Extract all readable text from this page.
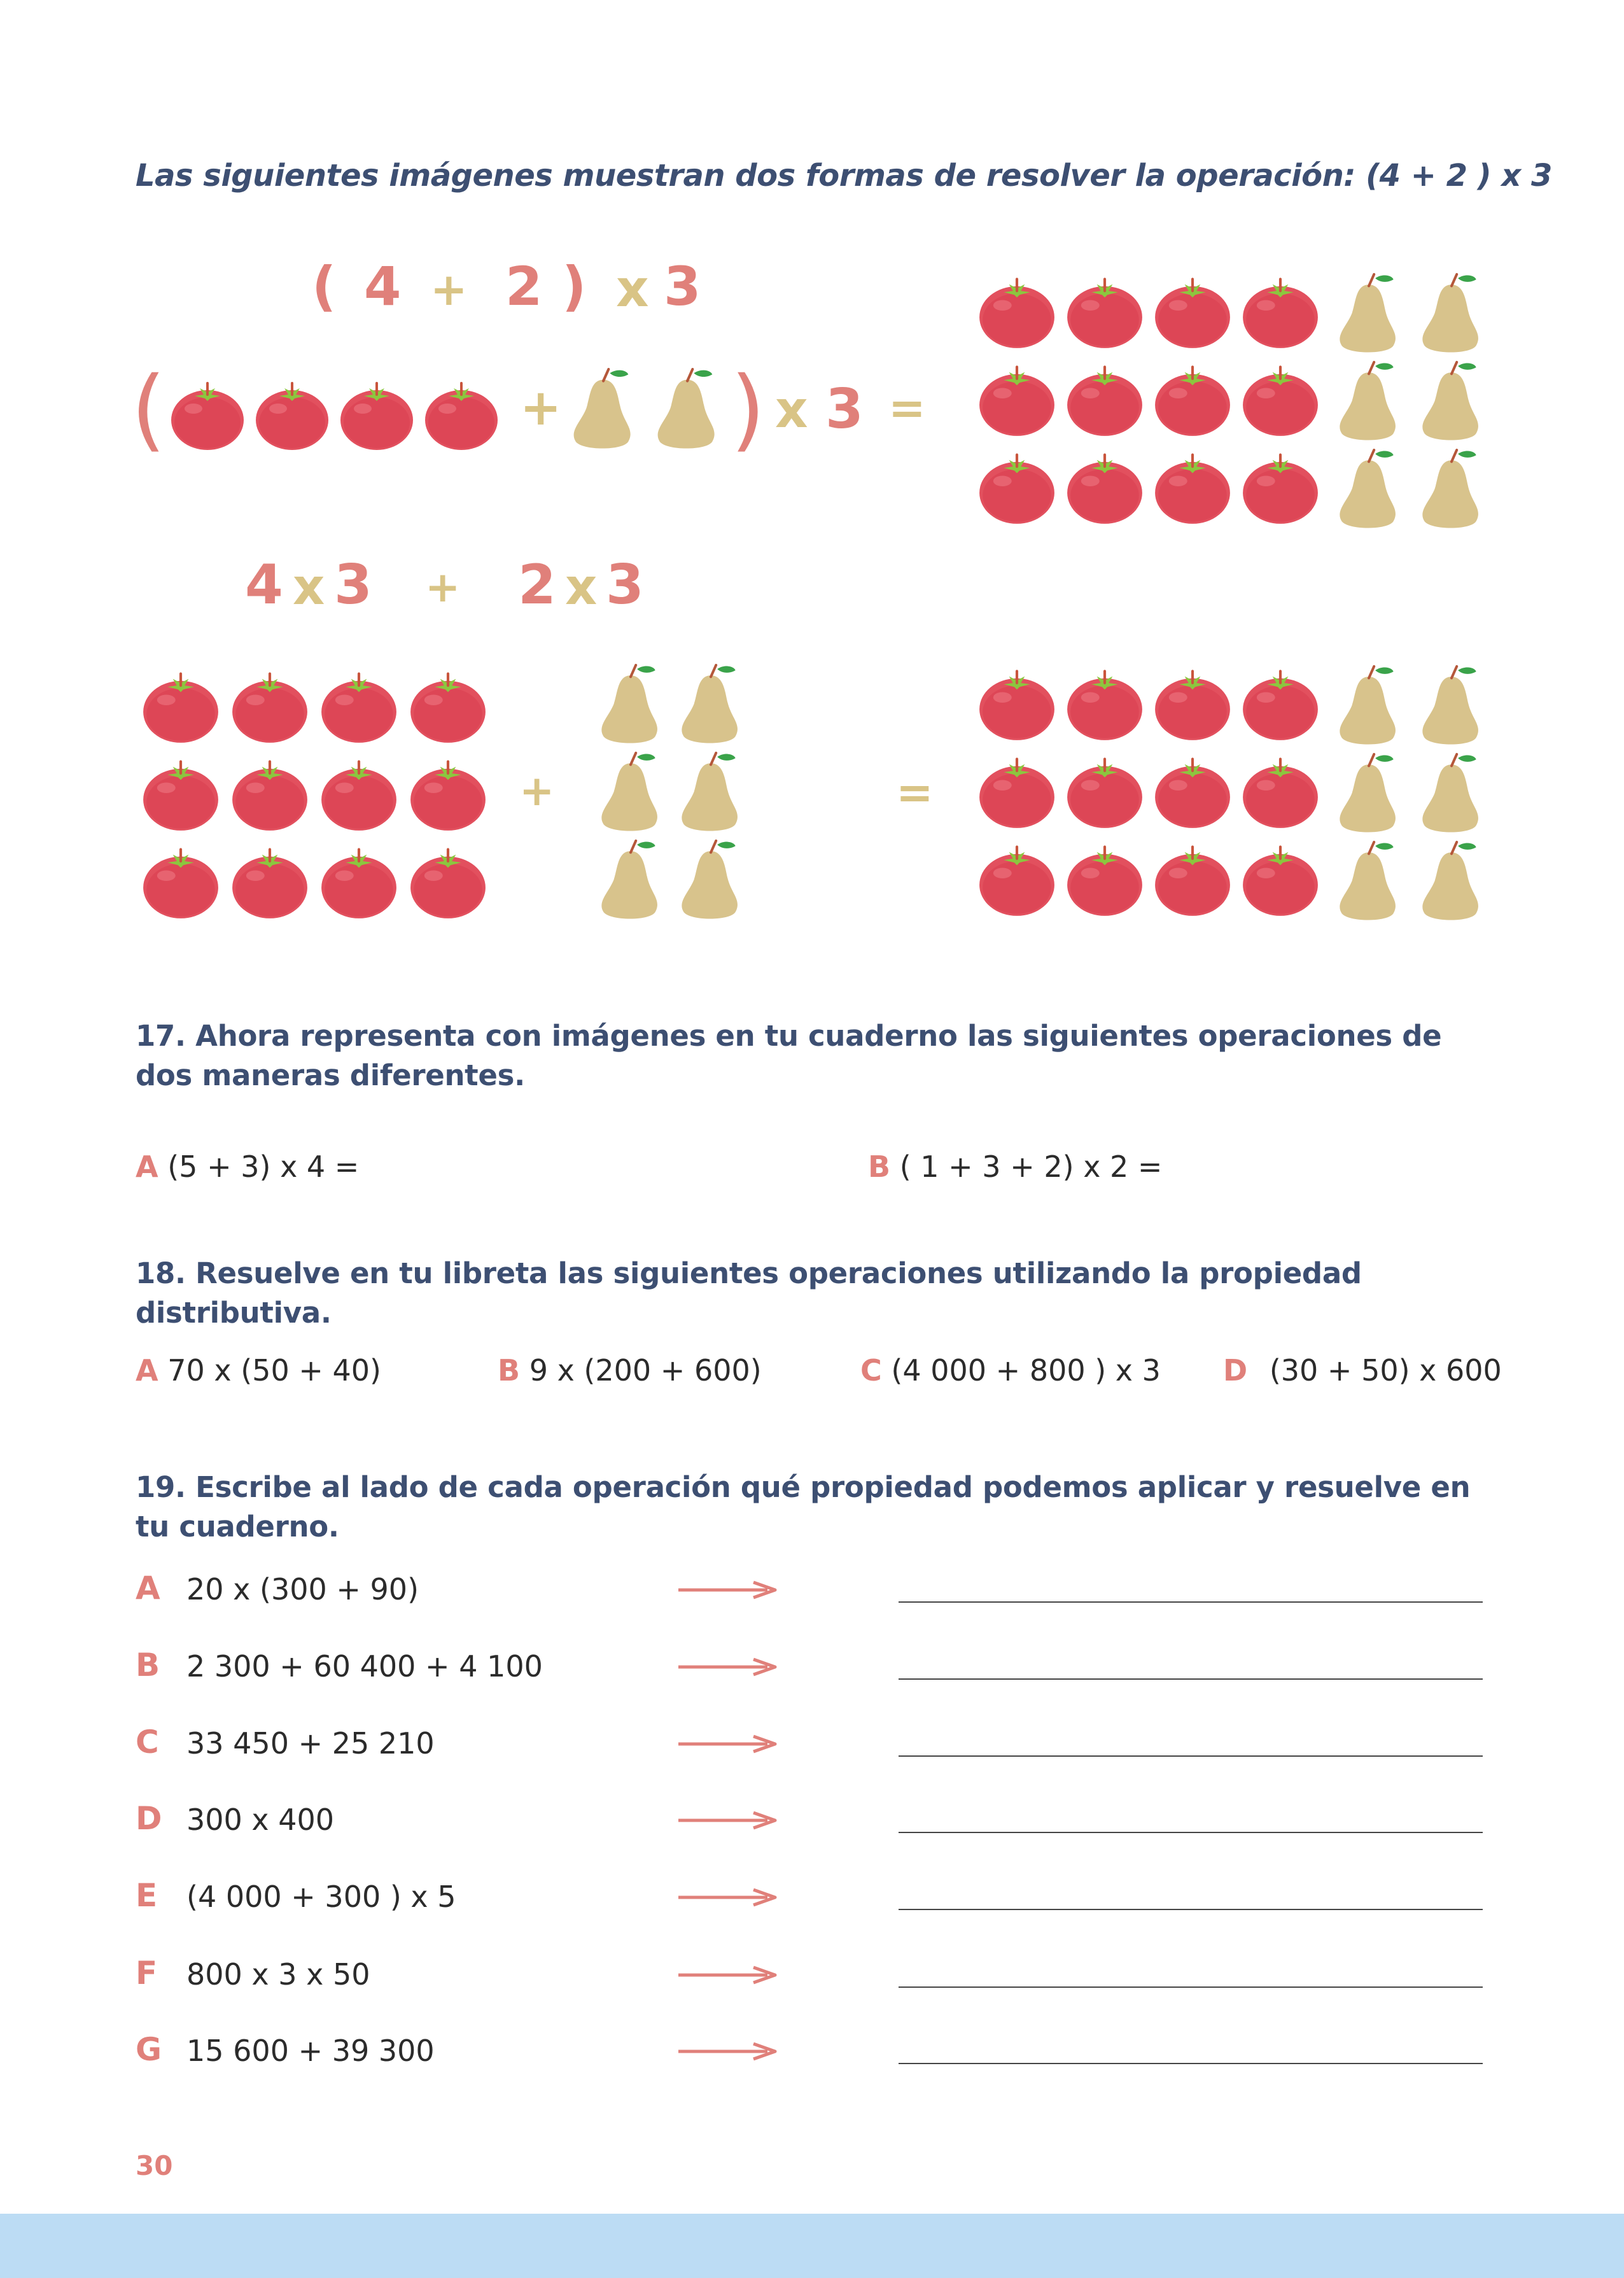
Las siguientes imágenes muestran dos formas de resolver la operación: (4 + 2 ) x 3
( 4 + 2 ) x 3
(	+ ) x 3 =
4 x 3 + 2 x 3
+	=
17. Ahora representa con imágenes en tu cuaderno las siguientes operaciones de dos maneras diferentes.
A (5 + 3) x 4 =	B ( 1 + 3 + 2) x 2 =
18. Resuelve en tu libreta las siguientes operaciones utilizando la propiedad distributiva.
A 70 x (50 + 40)	B 9 x (200 + 600)	C (4 000 + 800 ) x 3 D (30 + 50) x 600
19. Escribe al lado de cada operación qué propiedad podemos aplicar y resuelve en tu cuaderno.
A 20 x (300 + 90)
B 2 300 + 60 400 + 4 100
C 33 450 + 25 210
D 300 x 400
E (4 000 + 300 ) x 5
F 800 x 3 x 50
G 15 600 + 39 300
30
